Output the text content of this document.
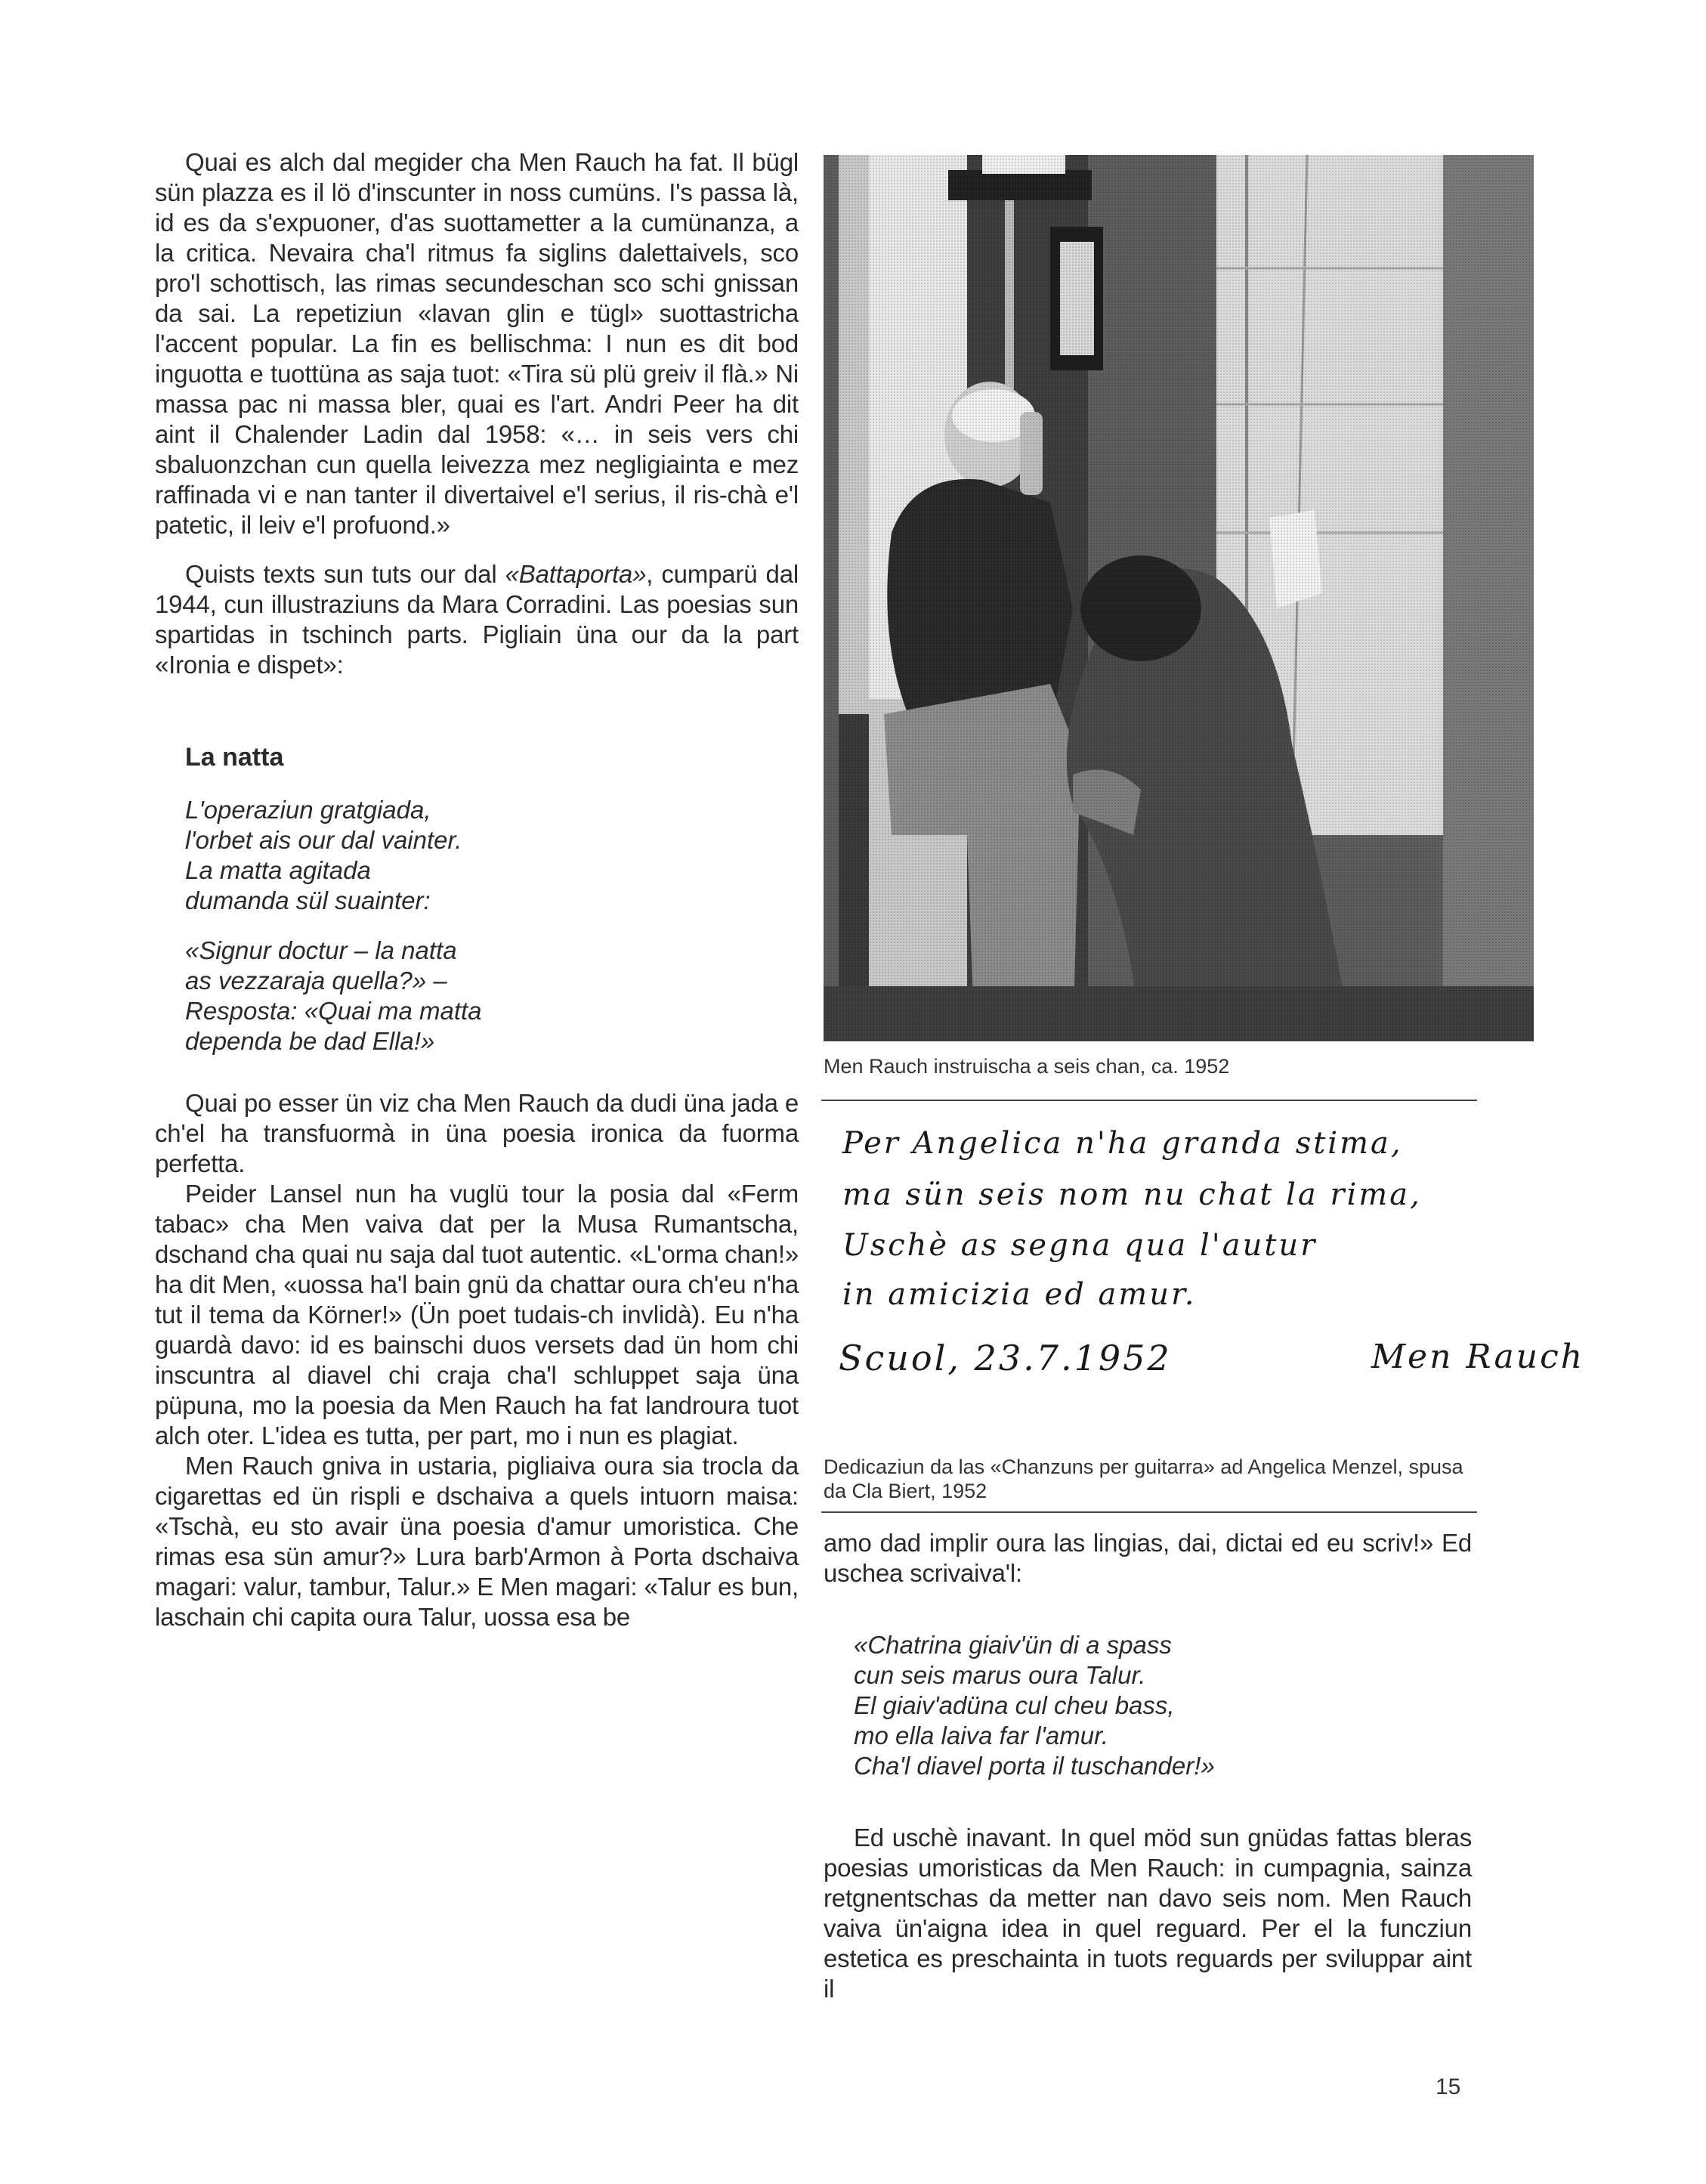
Quai es alch dal megider cha Men Rauch ha fat. Il bügl sün plazza es il lö d'inscunter in noss cumüns. I's passa là, id es da s'expuoner, d'as suottametter a la cumünanza, a la critica. Nevaira cha'l ritmus fa siglins dalettaivels, sco pro'l schottisch, las rimas secundeschan sco schi gnissan da sai. La repetiziun «lavan glin e tügl» suottastricha l'accent popular. La fin es bellischma: I nun es dit bod inguotta e tuottüna as saja tuot: «Tira sü plü greiv il flà.» Ni massa pac ni massa bler, quai es l'art. Andri Peer ha dit aint il Chalender Ladin dal 1958: «… in seis vers chi sbaluonzchan cun quella leivezza mez negligiainta e mez raffinada vi e nan tanter il divertaivel e'l serius, il ris-chà e'l patetic, il leiv e'l profuond.»

Quists texts sun tuts our dal «Battaporta», cumparü dal 1944, cun illustraziuns da Mara Corradini. Las poesias sun spartidas in tschinch parts. Pigliain üna our da la part «Ironia e dispet»:

La natta

L'operaziun gratgiada,
l'orbet ais our dal vainter.
La matta agitada
dumanda sül suainter:
«Signur doctur – la natta
as vezzaraja quella?» –
Resposta: «Quai ma matta
dependa be dad Ella!»

Quai po esser ün viz cha Men Rauch da dudi üna jada e ch'el ha transfuormà in üna poesia ironica da fuorma perfetta.

Peider Lansel nun ha vuglü tour la posia dal «Ferm tabac» cha Men vaiva dat per la Musa Rumantscha, dschand cha quai nu saja dal tuot autentic. «L'orma chan!» ha dit Men, «uossa ha'l bain gnü da chattar oura ch'eu n'ha tut il tema da Körner!» (Ün poet tudais-ch invlidà). Eu n'ha guardà davo: id es bainschi duos versets dad ün hom chi inscuntra al diavel chi craja cha'l schluppet saja üna püpuna, mo la poesia da Men Rauch ha fat landroura tuot alch oter. L'idea es tutta, per part, mo i nun es plagiat.

Men Rauch gniva in ustaria, pigliaiva oura sia trocla da cigarettas ed ün rispli e dschaiva a quels intuorn maisa: «Tschà, eu sto avair üna poesia d'amur umoristica. Che rimas esa sün amur?» Lura barb'Armon à Porta dschaiva magari: valur, tambur, Talur.» E Men magari: «Talur es bun, laschain chi capita oura Talur, uossa esa be

Men Rauch instruischa a seis chan, ca. 1952

Per Angelica n'ha granda stima,
ma sün seis nom nu chat la rima,
Uschè as segna qua l'autur
in amicizia ed amur.
Scuol, 23.7.1952	Men Rauch

Dedicaziun da las «Chanzuns per guitarra» ad Angelica Menzel, spusa da Cla Biert, 1952

amo dad implir oura las lingias, dai, dictai ed eu scriv!» Ed uschea scrivaiva'l:

«Chatrina giaiv'ün di a spass
cun seis marus oura Talur.
El giaiv'adüna cul cheu bass,
mo ella laiva far l'amur.
Cha'l diavel porta il tuschander!»

Ed uschè inavant. In quel möd sun gnüdas fattas bleras poesias umoristicas da Men Rauch: in cumpagnia, sainza retgnentschas da metter nan davo seis nom. Men Rauch vaiva ün'aigna idea in quel reguard. Per el la funcziun estetica es preschainta in tuots reguards per sviluppar aint il

15
